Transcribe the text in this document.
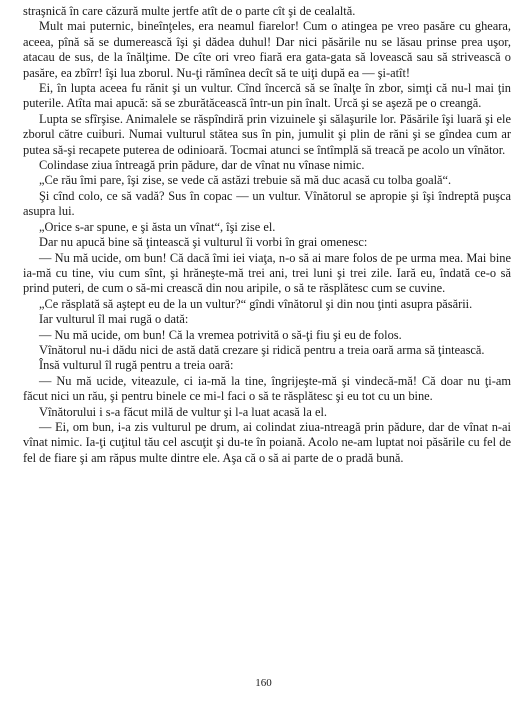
straşnică în care căzură multe jertfe atît de o parte cît şi de cealaltă.

Mult mai puternic, bineînţeles, era neamul fiarelor! Cum o atingea pe vreo pasăre cu gheara, aceea, pînă să se dumerească îşi şi dădea duhul! Dar nici păsările nu se lăsau prinse prea uşor, atacau de sus, de la înălţime. De cîte ori vreo fiară era gata-gata să lovească sau să strivească o pasăre, ea zbîrr! îşi lua zborul. Nu-ţi rămînea decît să te uiţi după ea — şi-atît!

Ei, în lupta aceea fu rănit şi un vultur. Cînd încercă să se înalţe în zbor, simţi că nu-l mai ţin puterile. Atîta mai apucă: să se zburătăcească într-un pin înalt. Urcă şi se aşeză pe o creangă.

Lupta se sfîrşise. Animalele se răspîndiră prin vizuinele şi sălaşurile lor. Păsările îşi luară şi ele zborul către cuiburi. Numai vulturul stătea sus în pin, jumulit şi plin de răni şi se gîndea cum ar putea să-şi recapete puterea de odinioară. Tocmai atunci se întîmplă să treacă pe acolo un vînător.

Colindase ziua întreagă prin pădure, dar de vînat nu vînase nimic.

„Ce rău îmi pare, îşi zise, se vede că astăzi trebuie să mă duc acasă cu tolba goală“.

Şi cînd colo, ce să vadă? Sus în copac — un vultur. Vînătorul se apropie şi îşi îndreptă puşca asupra lui.

„Orice s-ar spune, e şi ăsta un vînat“, îşi zise el.

Dar nu apucă bine să ţintească şi vulturul îi vorbi în grai omenesc:

— Nu mă ucide, om bun! Că dacă îmi iei viaţa, n-o să ai mare folos de pe urma mea. Mai bine ia-mă cu tine, viu cum sînt, şi hrăneşte-mă trei ani, trei luni şi trei zile. Iară eu, îndată ce-o să prind puteri, de cum o să-mi crească din nou aripile, o să te răsplătesc cum se cuvine.

„Ce răsplată să aştept eu de la un vultur?“ gîndi vînătorul şi din nou ţinti asupra păsării.

Iar vulturul îl mai rugă o dată:

— Nu mă ucide, om bun! Că la vremea potrivită o să-ţi fiu şi eu de folos.

Vînătorul nu-i dădu nici de astă dată crezare şi ridică pentru a treia oară arma să ţintească.

Însă vulturul îl rugă pentru a treia oară:

— Nu mă ucide, viteazule, ci ia-mă la tine, îngrijeşte-mă şi vindecă-mă! Că doar nu ţi-am făcut nici un rău, şi pentru binele ce mi-l faci o să te răsplătesc şi eu tot cu un bine.

Vînătorului i s-a făcut milă de vultur şi l-a luat acasă la el.

— Ei, om bun, i-a zis vulturul pe drum, ai colindat ziua-ntreagă prin pădure, dar de vînat n-ai vînat nimic. Ia-ţi cuţitul tău cel ascuţit şi du-te în poiană. Acolo ne-am luptat noi păsările cu fel de fel de fiare şi am răpus multe dintre ele. Aşa că o să ai parte de o pradă bună.

160
